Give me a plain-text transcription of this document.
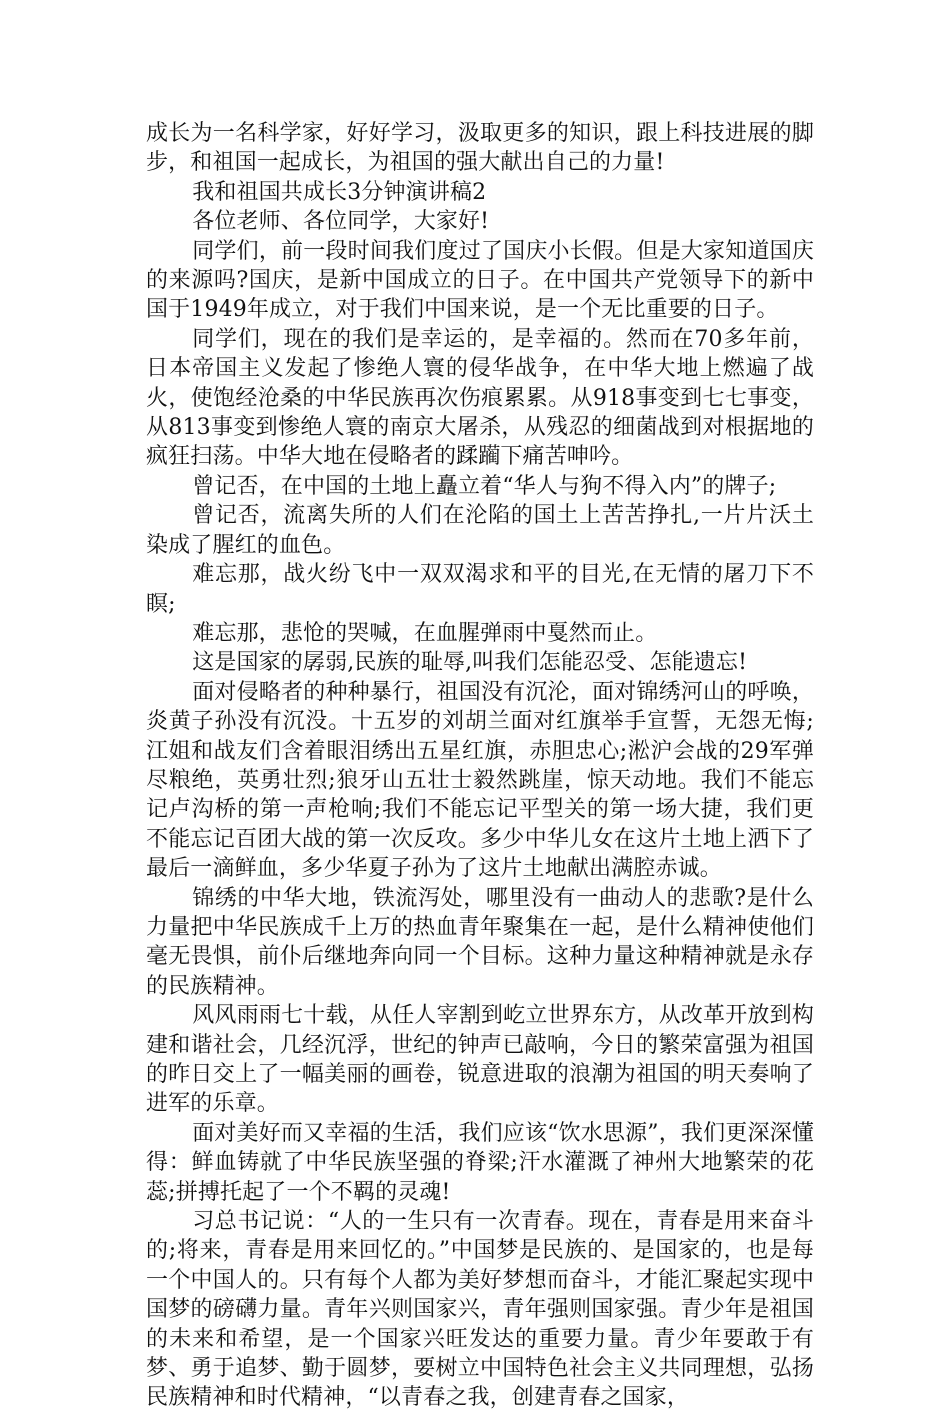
成长为一名科学家，好好学习，汲取更多的知识，跟上科技进展的脚步，和祖国一起成长，为祖国的强大献出自己的力量!

我和祖国共成长3分钟演讲稿2

各位老师、各位同学，大家好!

同学们，前一段时间我们度过了国庆小长假。但是大家知道国庆的来源吗?国庆，是新中国成立的日子。在中国共产党领导下的新中国于1949年成立，对于我们中国来说，是一个无比重要的日子。

同学们，现在的我们是幸运的，是幸福的。然而在70多年前，日本帝国主义发起了惨绝人寰的侵华战争，在中华大地上燃遍了战火，使饱经沧桑的中华民族再次伤痕累累。从918事变到七七事变，从813事变到惨绝人寰的南京大屠杀，从残忍的细菌战到对根据地的疯狂扫荡。中华大地在侵略者的蹂躏下痛苦呻吟。

曾记否，在中国的土地上矗立着“华人与狗不得入内”的牌子;

曾记否，流离失所的人们在沦陷的国土上苦苦挣扎,一片片沃土染成了腥红的血色。

难忘那，战火纷飞中一双双渴求和平的目光,在无情的屠刀下不瞑;

难忘那，悲怆的哭喊，在血腥弹雨中戛然而止。

这是国家的孱弱,民族的耻辱,叫我们怎能忍受、怎能遗忘!

面对侵略者的种种暴行，祖国没有沉沦，面对锦绣河山的呼唤，炎黄子孙没有沉没。十五岁的刘胡兰面对红旗举手宣誓，无怨无悔;江姐和战友们含着眼泪绣出五星红旗，赤胆忠心;淞沪会战的29军弹尽粮绝，英勇壮烈;狼牙山五壮士毅然跳崖，惊天动地。我们不能忘记卢沟桥的第一声枪响;我们不能忘记平型关的第一场大捷，我们更不能忘记百团大战的第一次反攻。多少中华儿女在这片土地上洒下了最后一滴鲜血，多少华夏子孙为了这片土地献出满腔赤诚。

锦绣的中华大地，铁流泻处，哪里没有一曲动人的悲歌?是什么力量把中华民族成千上万的热血青年聚集在一起，是什么精神使他们毫无畏惧，前仆后继地奔向同一个目标。这种力量这种精神就是永存的民族精神。

风风雨雨七十载，从任人宰割到屹立世界东方，从改革开放到构建和谐社会，几经沉浮，世纪的钟声已敲响，今日的繁荣富强为祖国的昨日交上了一幅美丽的画卷，锐意进取的浪潮为祖国的明天奏响了进军的乐章。

面对美好而又幸福的生活，我们应该“饮水思源”，我们更深深懂得：鲜血铸就了中华民族坚强的脊梁;汗水灌溉了神州大地繁荣的花蕊;拼搏托起了一个不羁的灵魂!

习总书记说：“人的一生只有一次青春。现在，青春是用来奋斗的;将来，青春是用来回忆的。”中国梦是民族的、是国家的，也是每一个中国人的。只有每个人都为美好梦想而奋斗，才能汇聚起实现中国梦的磅礴力量。青年兴则国家兴，青年强则国家强。青少年是祖国的未来和希望，是一个国家兴旺发达的重要力量。青少年要敢于有梦、勇于追梦、勤于圆梦，要树立中国特色社会主义共同理想，弘扬民族精神和时代精神，“以青春之我，创建青春之国家，
